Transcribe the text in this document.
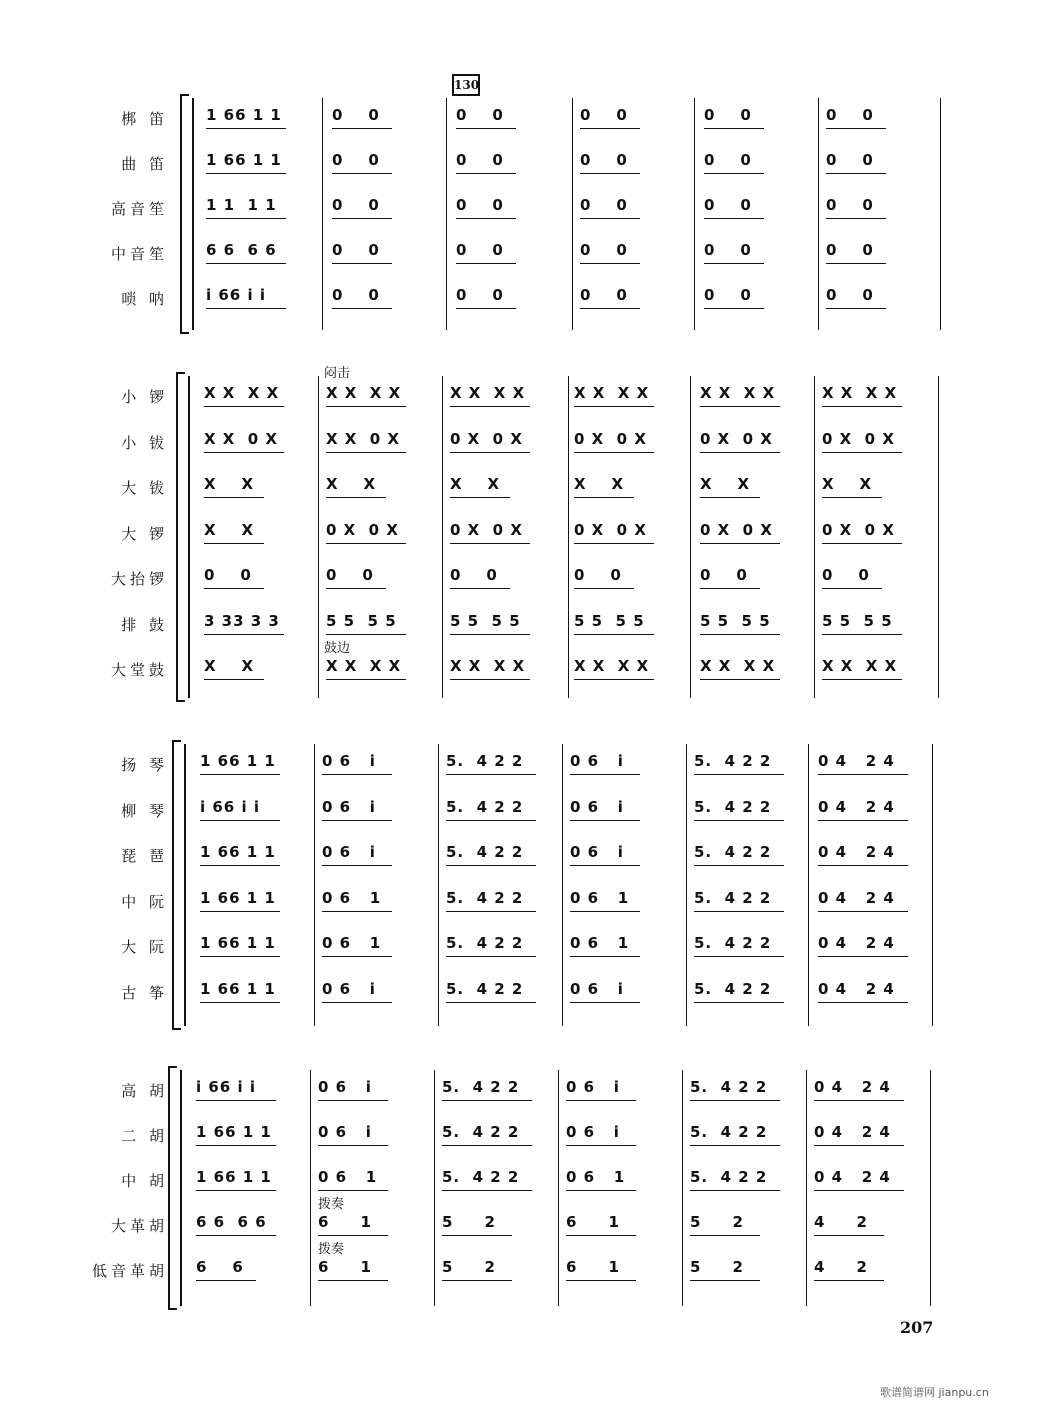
130
梆 笛	1 66 1 1	0    0	0    0	0    0	0    0	0    0
曲 笛	1 66 1 1	0    0	0    0	0    0	0    0	0    0
高音笙	1 1  1 1	0    0	0    0	0    0	0    0	0    0
中音笙	6 6  6 6	0    0	0    0	0    0	0    0	0    0
唢 呐	i 66 i i	0    0	0    0	0    0	0    0	0    0
小 锣 X X  X X	X X  X X	X X  X X	X X  X X	X X  X X	X X  X X
小 钹 X X  0 X	X X  0 X	0 X  0 X	0 X  0 X	0 X  0 X	0 X  0 X
大 钹 X    X	X    X	X    X	X    X	X    X	X    X
大 锣 X    X	0 X  0 X	0 X  0 X	0 X  0 X	0 X  0 X	0 X  0 X
大抬锣 0    0	0    0	0    0	0    0	0    0	0    0
排 鼓 3 33 3 3	5 5  5 5	5 5  5 5	5 5  5 5	5 5  5 5	5 5  5 5
大堂鼓 X    X	X X  X X	X X  X X	X X  X X	X X  X X	X X  X X
闷击
鼓边
扬 琴 1 66 1 1	0 6   i	5.  4 2 2	0 6   i	5.  4 2 2	0 4   2 4
柳 琴 i 66 i i	0 6   i	5.  4 2 2	0 6   i	5.  4 2 2	0 4   2 4
琵 琶 1 66 1 1	0 6   i	5.  4 2 2	0 6   i	5.  4 2 2	0 4   2 4
中 阮 1 66 1 1	0 6   1	5.  4 2 2	0 6   1	5.  4 2 2	0 4   2 4
大 阮 1 66 1 1	0 6   1	5.  4 2 2	0 6   1	5.  4 2 2	0 4   2 4
古 筝 1 66 1 1	0 6   i	5.  4 2 2	0 6   i	5.  4 2 2	0 4   2 4
高 胡 i 66 i i	0 6   i	5.  4 2 2	0 6   i	5.  4 2 2	0 4   2 4
二 胡 1 66 1 1	0 6   i	5.  4 2 2	0 6   i	5.  4 2 2	0 4   2 4
中 胡 1 66 1 1	0 6   1	5.  4 2 2	0 6   1	5.  4 2 2	0 4   2 4
大革胡 6 6  6 6	6     1	5     2	6     1	5     2	4     2
低音革胡 6    6	6     1	5     2	6     1	5     2	4     2
拨奏
拨奏
207
歌谱简谱网 jianpu.cn
